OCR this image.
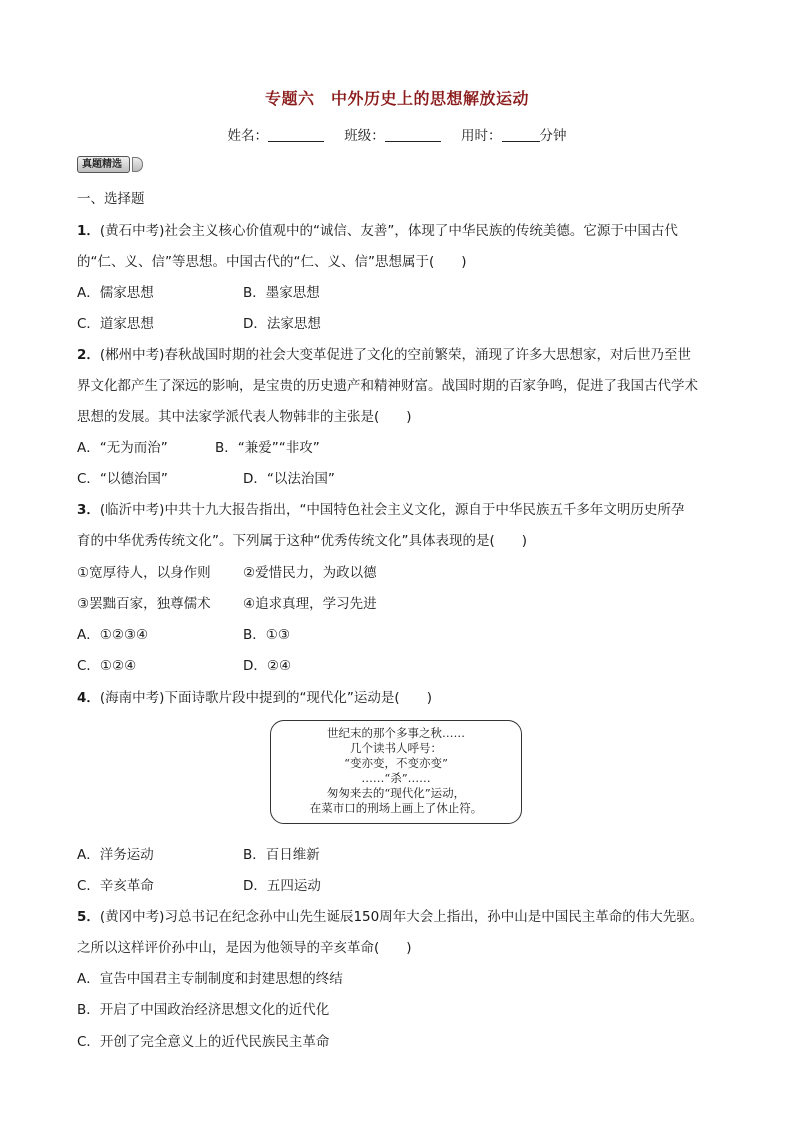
专题六　中外历史上的思想解放运动
姓名：	班级：	用时：	分钟
真题精选
一、选择题
1．(黄石中考)社会主义核心价值观中的“诚信、友善”，体现了中华民族的传统美德。它源于中国古代
的“仁、义、信”等思想。中国古代的“仁、义、信”思想属于(　　)
A．儒家思想	B．墨家思想
C．道家思想	D．法家思想
2．(郴州中考)春秋战国时期的社会大变革促进了文化的空前繁荣，涌现了许多大思想家，对后世乃至世
界文化都产生了深远的影响，是宝贵的历史遗产和精神财富。战国时期的百家争鸣，促进了我国古代学术
思想的发展。其中法家学派代表人物韩非的主张是(　　)
A．“无为而治”	B．“兼爱”“非攻”
C．“以德治国”	D．“以法治国”
3．(临沂中考)中共十九大报告指出，“中国特色社会主义文化，源自于中华民族五千多年文明历史所孕
育的中华优秀传统文化”。下列属于这种“优秀传统文化”具体表现的是(　　)
①宽厚待人，以身作则 ②爱惜民力，为政以德
③罢黜百家，独尊儒术 ④追求真理，学习先进
A．①②③④	B．①③
C．①②④	D．②④
4．(海南中考)下面诗歌片段中提到的“现代化”运动是(　　)
世纪末的那个多事之秋……
几个读书人呼号：
“变亦变，不变亦变”
……“杀”……
匆匆来去的“现代化”运动，
在菜市口的刑场上画上了休止符。
A．洋务运动	B．百日维新
C．辛亥革命	D．五四运动
5．(黄冈中考)习总书记在纪念孙中山先生诞辰150周年大会上指出，孙中山是中国民主革命的伟大先驱。
之所以这样评价孙中山，是因为他领导的辛亥革命(　　)
A．宣告中国君主专制制度和封建思想的终结
B．开启了中国政治经济思想文化的近代化
C．开创了完全意义上的近代民族民主革命
